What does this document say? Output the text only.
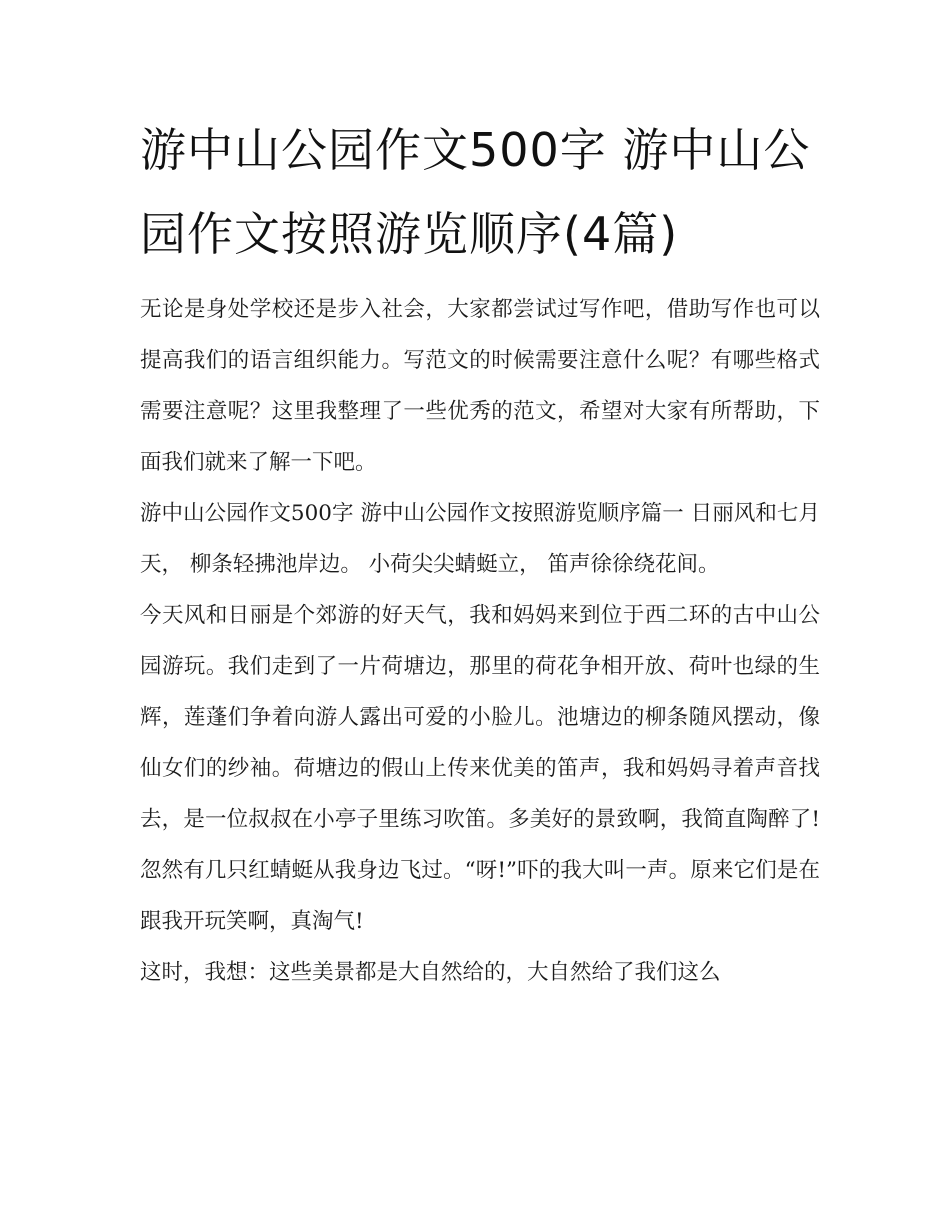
游中山公园作文500字 游中山公园作文按照游览顺序(4篇)

无论是身处学校还是步入社会，大家都尝试过写作吧，借助写作也可以提高我们的语言组织能力。写范文的时候需要注意什么呢？有哪些格式需要注意呢？这里我整理了一些优秀的范文，希望对大家有所帮助，下面我们就来了解一下吧。

游中山公园作文500字 游中山公园作文按照游览顺序篇一 日丽风和七月天， 柳条轻拂池岸边。 小荷尖尖蜻蜓立， 笛声徐徐绕花间。

今天风和日丽是个郊游的好天气，我和妈妈来到位于西二环的古中山公园游玩。我们走到了一片荷塘边，那里的荷花争相开放、荷叶也绿的生辉，莲蓬们争着向游人露出可爱的小脸儿。池塘边的柳条随风摆动，像仙女们的纱袖。荷塘边的假山上传来优美的笛声，我和妈妈寻着声音找去，是一位叔叔在小亭子里练习吹笛。多美好的景致啊，我简直陶醉了!忽然有几只红蜻蜓从我身边飞过。“呀!”吓的我大叫一声。原来它们是在跟我开玩笑啊，真淘气!

这时，我想：这些美景都是大自然给的，大自然给了我们这么
